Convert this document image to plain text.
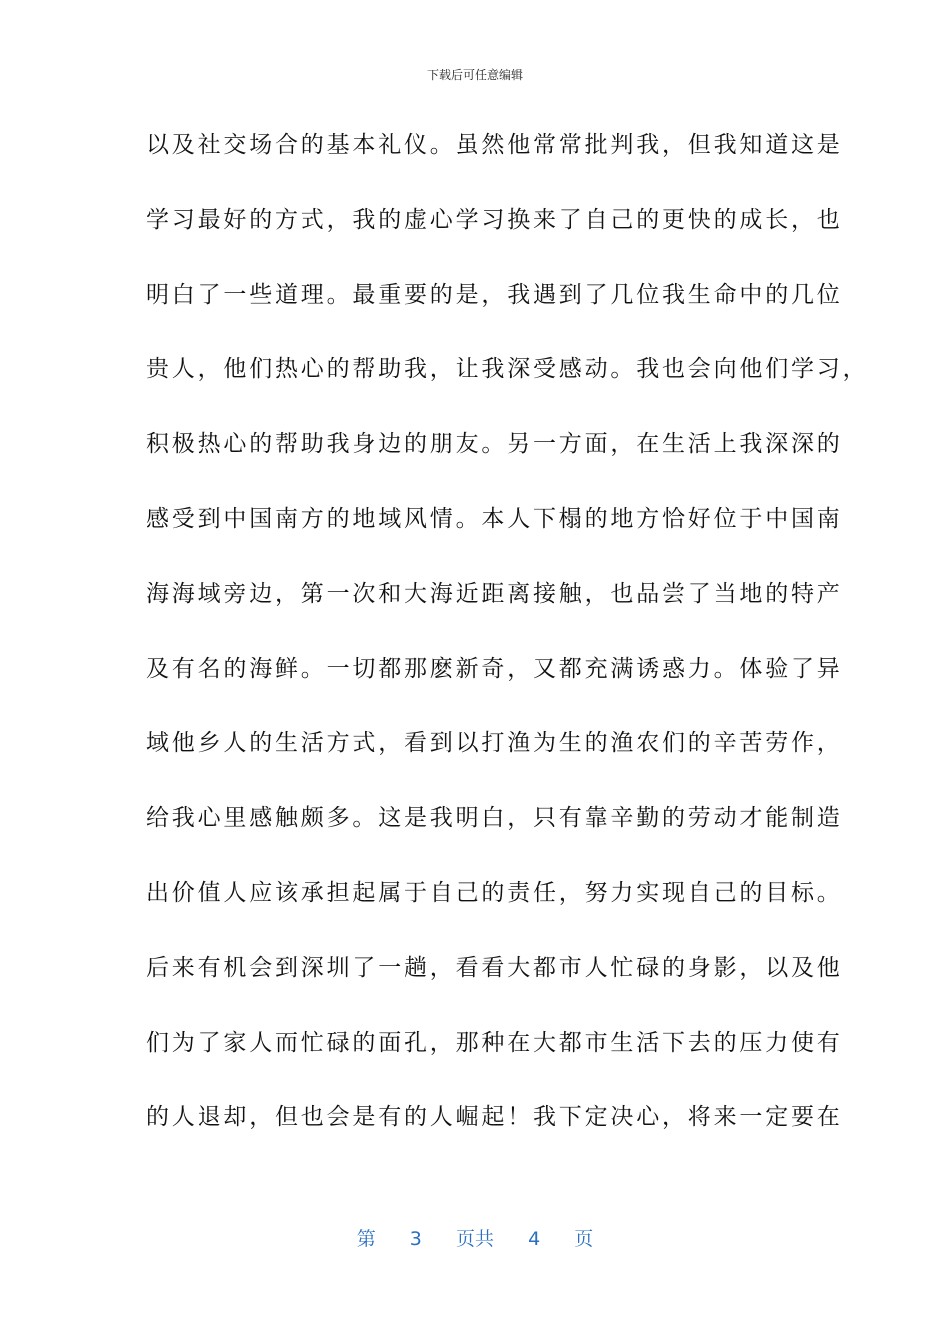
下载后可任意编辑
以及社交场合的基本礼仪。虽然他常常批判我，但我知道这是
学习最好的方式，我的虚心学习换来了自己的更快的成长，也
明白了一些道理。最重要的是，我遇到了几位我生命中的几位
贵人，他们热心的帮助我，让我深受感动。我也会向他们学习，
积极热心的帮助我身边的朋友。另一方面，在生活上我深深的
感受到中国南方的地域风情。本人下榻的地方恰好位于中国南
海海域旁边，第一次和大海近距离接触，也品尝了当地的特产
及有名的海鲜。一切都那麽新奇，又都充满诱惑力。体验了异
域他乡人的生活方式，看到以打渔为生的渔农们的辛苦劳作，
给我心里感触颇多。这是我明白，只有靠辛勤的劳动才能制造
出价值人应该承担起属于自己的责任，努力实现自己的目标。
后来有机会到深圳了一趟，看看大都市人忙碌的身影，以及他
们为了家人而忙碌的面孔，那种在大都市生活下去的压力使有
的人退却，但也会是有的人崛起！我下定决心，将来一定要在
第 3 页共 4 页
